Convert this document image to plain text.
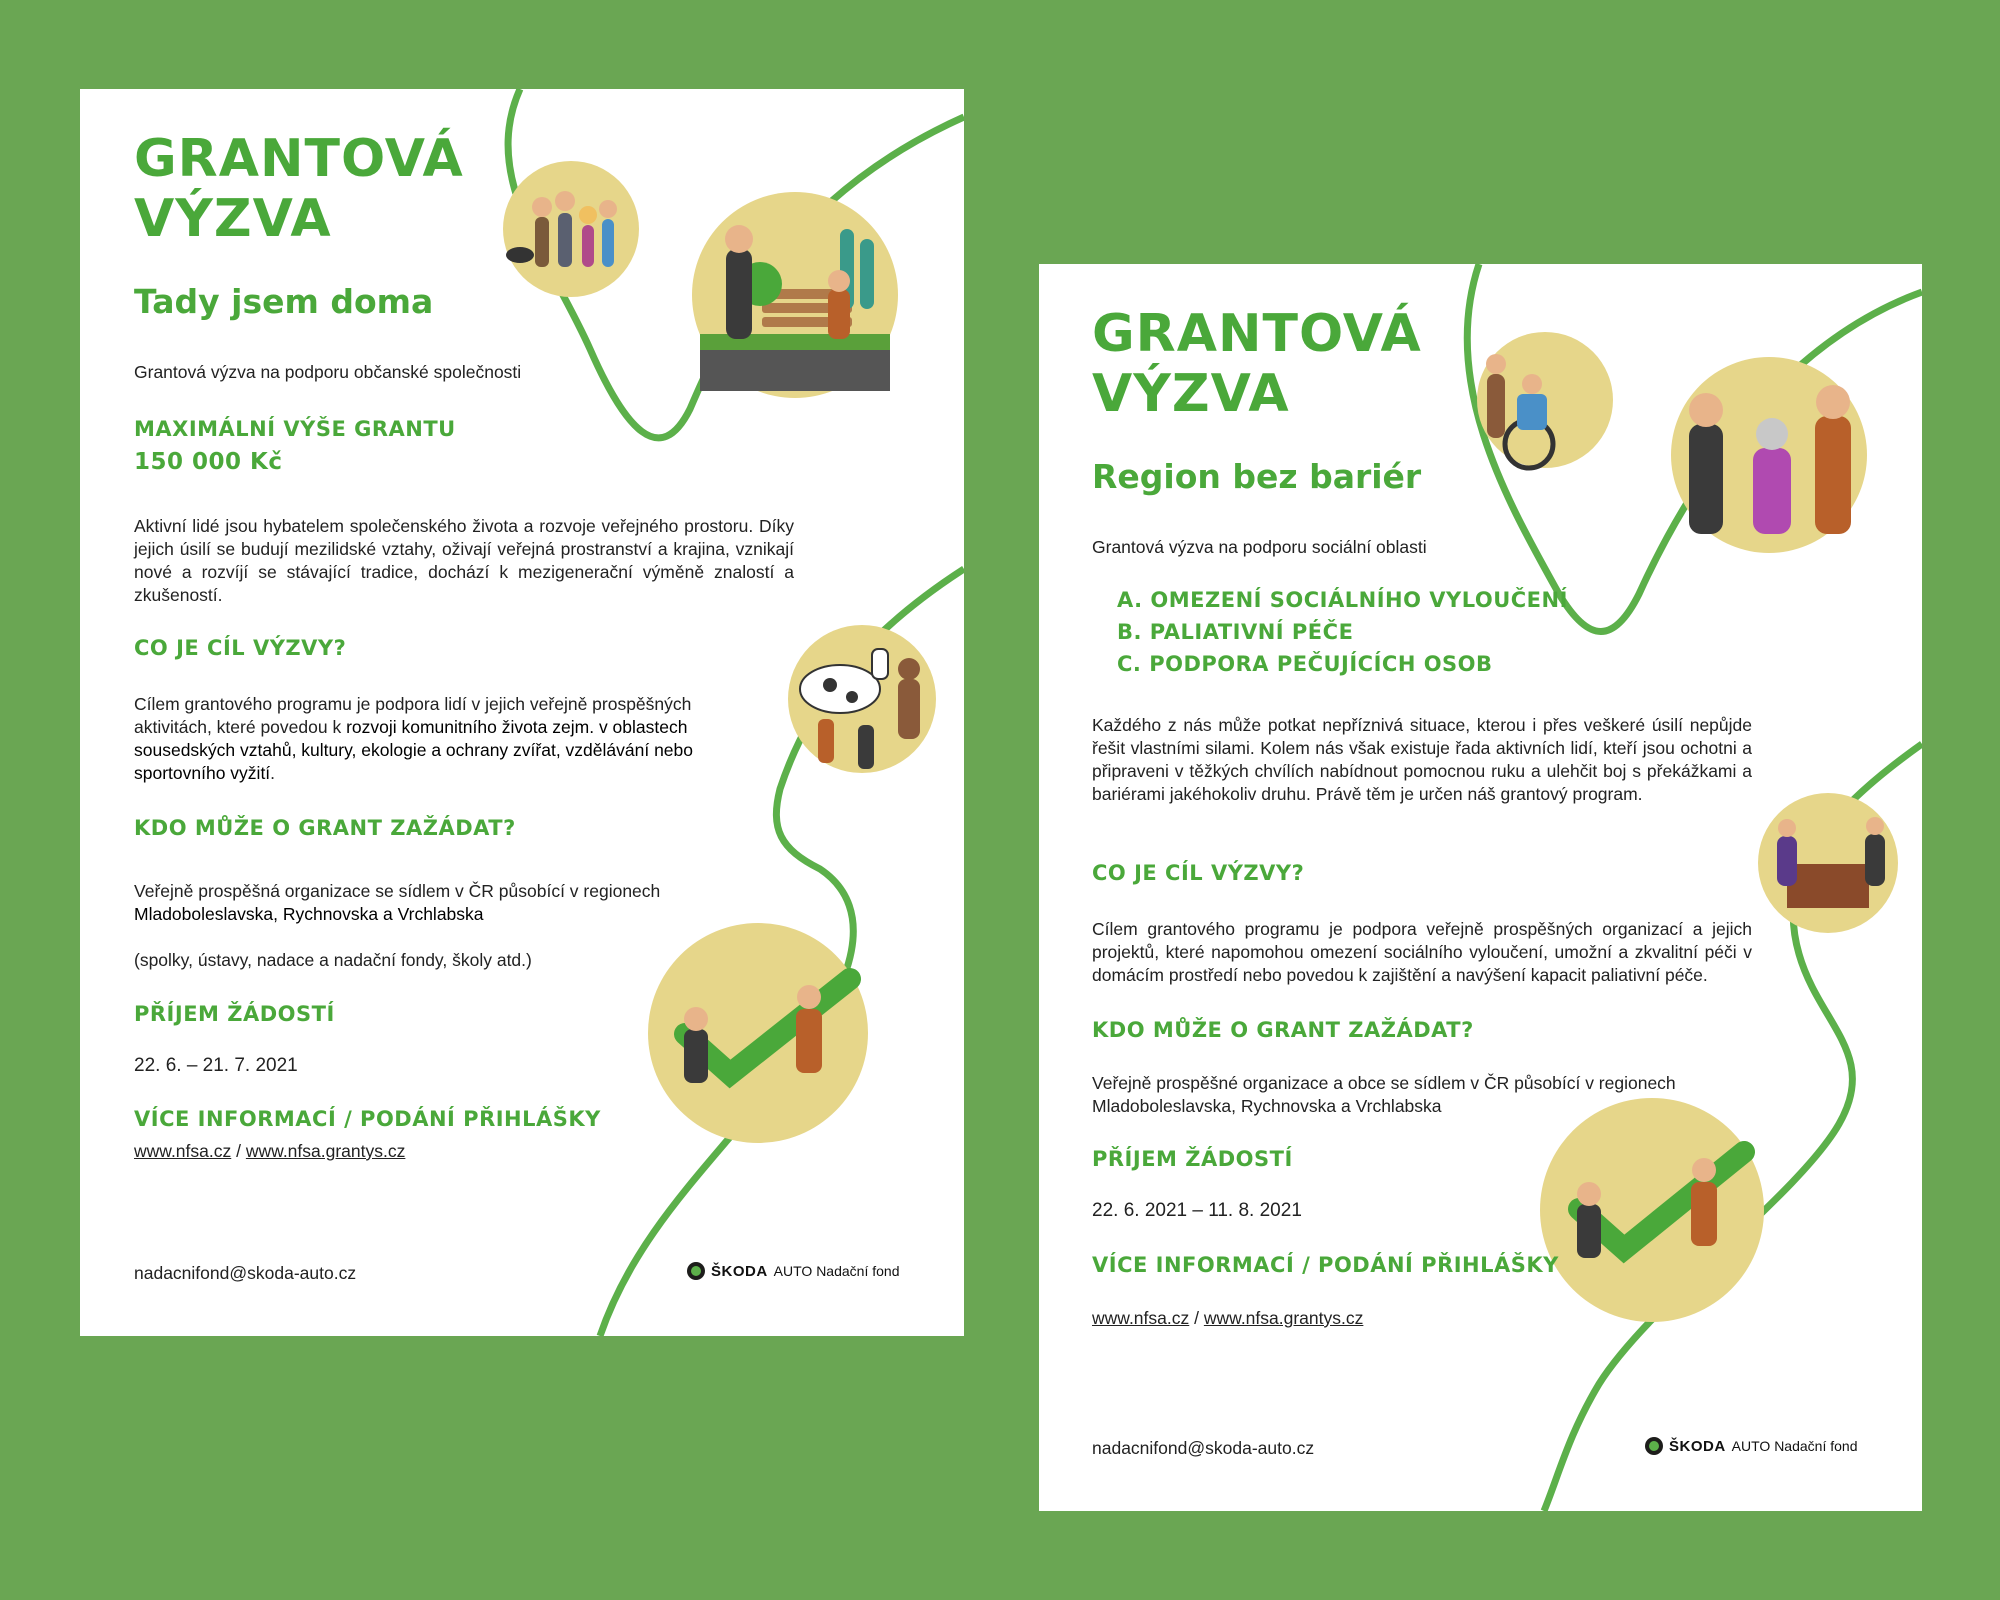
GRANTOVÁ
VÝZVA
Tady jsem doma

Grantová výzva na podporu občanské společnosti

MAXIMÁLNÍ VÝŠE GRANTU
150 000 Kč

Aktivní lidé jsou hybatelem společenského života a rozvoje veřejného prostoru. Díky jejich úsilí se budují mezilidské vztahy, oživají veřejná prostranství a krajina, vznikají nové a rozvíjí se stávající tradice, dochází k mezigenerační výměně znalostí a zkušeností.

CO JE CÍL VÝZVY?

Cílem grantového programu je podpora lidí v jejich veřejně prospěšných aktivitách, které povedou k rozvoji komunitního života zejm. v oblastech sousedských vztahů, kultury, ekologie a ochrany zvířat, vzdělávání nebo sportovního vyžití.

KDO MŮŽE O GRANT ZAŽÁDAT?

Veřejně prospěšná organizace se sídlem v ČR působící v regionech
Mladoboleslavska, Rychnovska a Vrchlabska

(spolky, ústavy, nadace a nadační fondy, školy atd.)

PŘÍJEM ŽÁDOSTÍ

22. 6. – 21. 7. 2021

VÍCE INFORMACÍ / PODÁNÍ PŘIHLÁŠKY

www.nfsa.cz / www.nfsa.grantys.cz

nadacnifond@skoda-auto.cz	ŠKODA AUTO Nadační fond
GRANTOVÁ
VÝZVA
Region bez bariér

Grantová výzva na podporu sociální oblasti

A. OMEZENÍ SOCIÁLNÍHO VYLOUČENÍ
B. PALIATIVNÍ PÉČE
C. PODPORA PEČUJÍCÍCH OSOB

Každého z nás může potkat nepříznivá situace, kterou i přes veškeré úsilí nepůjde řešit vlastními silami. Kolem nás však existuje řada aktivních lidí, kteří jsou ochotni a připraveni v těžkých chvílích nabídnout pomocnou ruku a ulehčit boj s překážkami a bariérami jakéhokoliv druhu. Právě těm je určen náš grantový program.

CO JE CÍL VÝZVY?

Cílem grantového programu je podpora veřejně prospěšných organizací a jejich projektů, které napomohou omezení sociálního vyloučení, umožní a zkvalitní péči v domácím prostředí nebo povedou k zajištění a navýšení kapacit paliativní péče.

KDO MŮŽE O GRANT ZAŽÁDAT?

Veřejně prospěšné organizace a obce se sídlem v ČR působící v regionech Mladoboleslavska, Rychnovska a Vrchlabska

PŘÍJEM ŽÁDOSTÍ

22. 6. 2021 – 11. 8. 2021

VÍCE INFORMACÍ / PODÁNÍ PŘIHLÁŠKY

www.nfsa.cz / www.nfsa.grantys.cz

nadacnifond@skoda-auto.cz	ŠKODA AUTO Nadační fond
